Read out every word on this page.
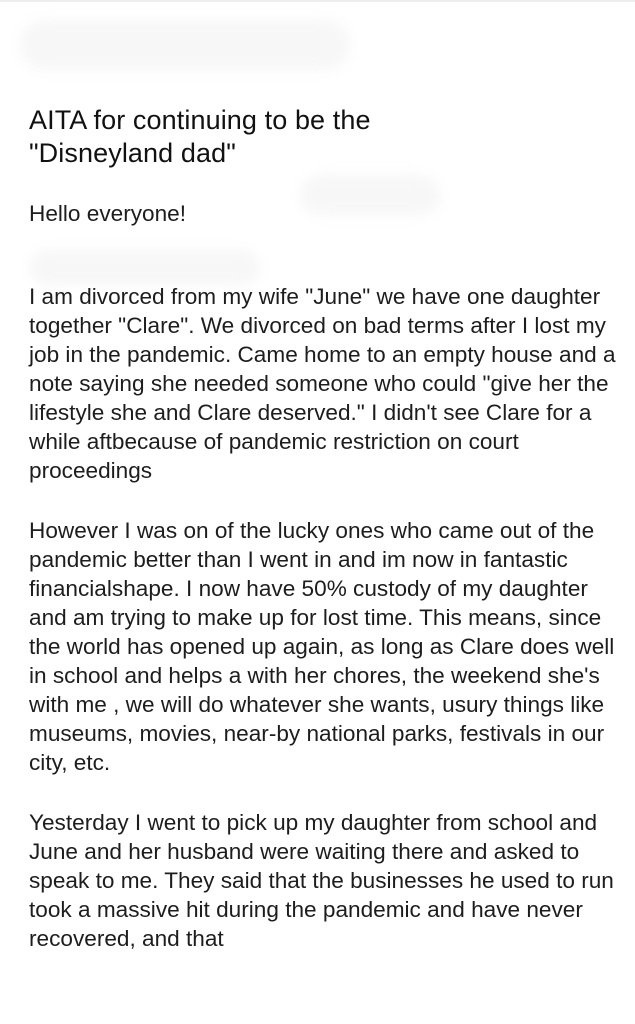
AITA for continuing to be the
"Disneyland dad"

Hello everyone!

I am divorced from my wife "June" we have one daughter together "Clare". We divorced on bad terms after I lost my job in the pandemic. Came home to an empty house and a note saying she needed someone who could "give her the lifestyle she and Clare deserved." I didn't see Clare for a while aftbecause of pandemic restriction on court proceedings

However I was on of the lucky ones who came out of the pandemic better than I went in and im now in fantastic financialshape. I now have 50% custody of my daughter and am trying to make up for lost time. This means, since the world has opened up again, as long as Clare does well in school and helps a with her chores, the weekend she's with me , we will do whatever she wants, usury things like museums, movies, near-by national parks, festivals in our city, etc.

Yesterday I went to pick up my daughter from school and June and her husband were waiting there and asked to speak to me. They said that the businesses he used to run took a massive hit during the pandemic and have never recovered, and that
